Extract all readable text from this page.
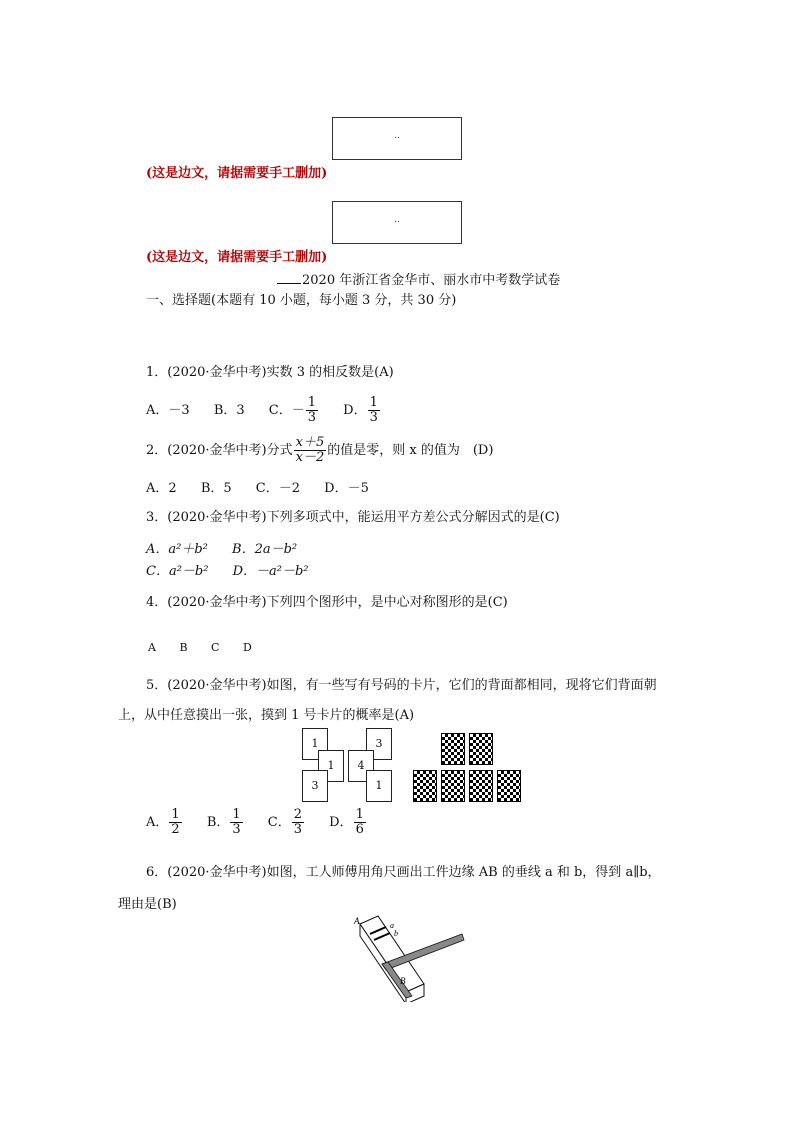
..
(这是边文，请据需要手工删加)
..
(这是边文，请据需要手工删加)
2020 年浙江省金华市、丽水市中考数学试卷
一、选择题(本题有 10 小题，每小题 3 分，共 30 分)
1．(2020·金华中考)实数 3 的相反数是(A)
A．－3 B．3 C．－ $\frac{1}{3}$ D． $\frac{1}{3}$
2．(2020·金华中考)分式 $\frac{x+5}{x-2}$ 的值是零，则 x 的值为　(D)
A．2 B．5 C．－2 D．－5
3．(2020·金华中考)下列多项式中，能运用平方差公式分解因式的是(C)
A．a²＋b² B．2a－b²
C．a²－b² D．－a²－b²
4．(2020·金华中考)下列四个图形中，是中心对称图形的是(C)
A B C D
5．(2020·金华中考)如图，有一些写有号码的卡片，它们的背面都相同，现将它们背面朝
上，从中任意摸出一张，摸到 1 号卡片的概率是(A)
1	3
1	4
3	1
A． $\frac{1}{2}$ B． $\frac{1}{3}$ C． $\frac{2}{3}$ D． $\frac{1}{6}$
6．(2020·金华中考)如图，工人师傅用角尺画出工件边缘 AB 的垂线 a 和 b，得到 a∥b，
理由是(B)
A	a
b
B
